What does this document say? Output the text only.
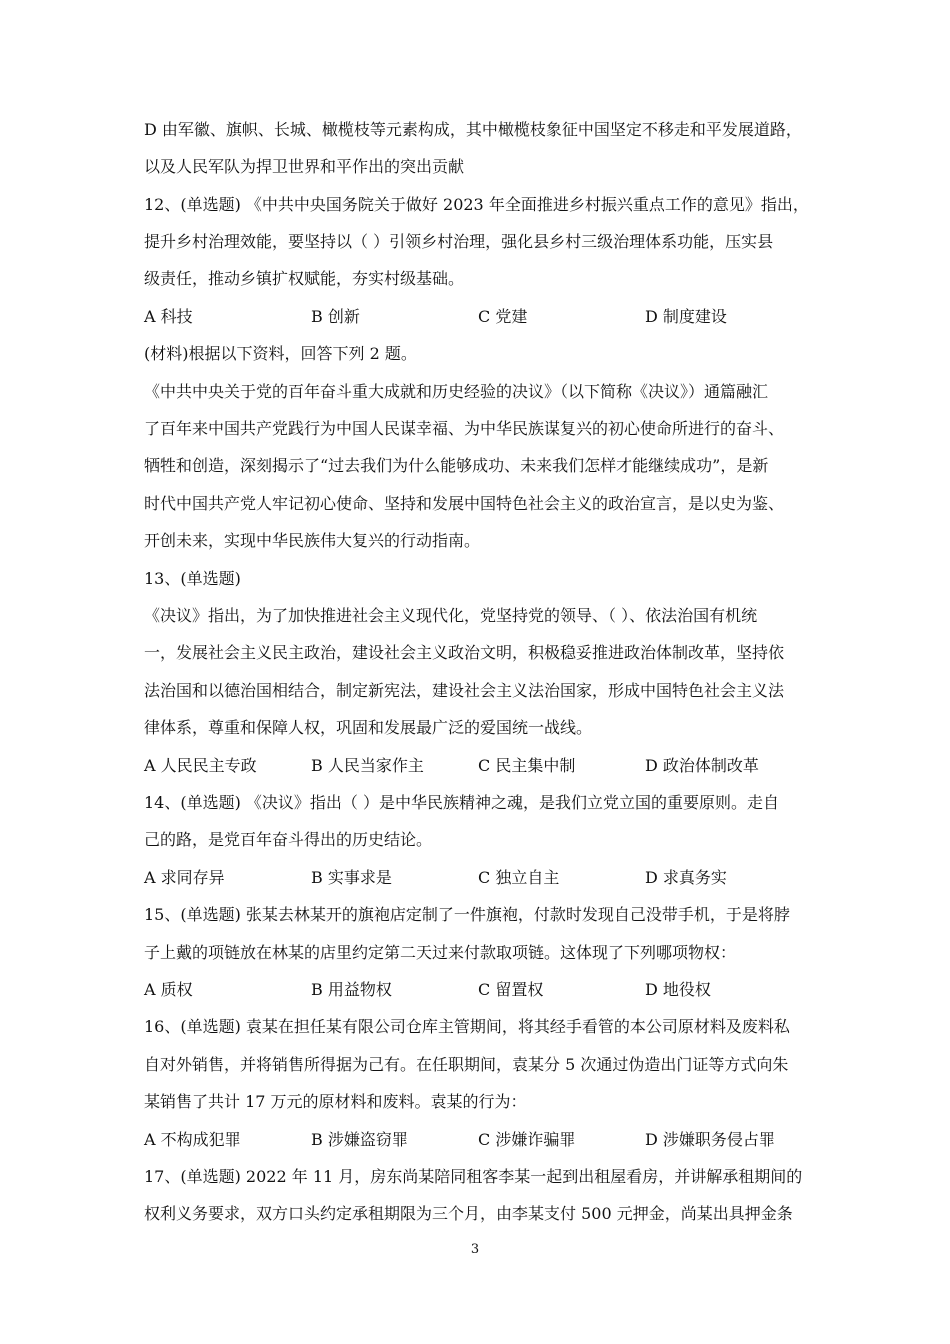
D 由军徽、旗帜、长城、橄榄枝等元素构成，其中橄榄枝象征中国坚定不移走和平发展道路，
以及人民军队为捍卫世界和平作出的突出贡献
12、(单选题) 《中共中央国务院关于做好 2023 年全面推进乡村振兴重点工作的意见》指出，
提升乡村治理效能，要坚持以（ ）引领乡村治理，强化县乡村三级治理体系功能，压实县
级责任，推动乡镇扩权赋能，夯实村级基础。
A 科技	B 创新	C 党建	D 制度建设
(材料)根据以下资料，回答下列 2 题。
《中共中央关于党的百年奋斗重大成就和历史经验的决议》（以下简称《决议》）通篇融汇
了百年来中国共产党践行为中国人民谋幸福、为中华民族谋复兴的初心使命所进行的奋斗、
牺牲和创造，深刻揭示了“过去我们为什么能够成功、未来我们怎样才能继续成功”，是新
时代中国共产党人牢记初心使命、坚持和发展中国特色社会主义的政治宣言，是以史为鉴、
开创未来，实现中华民族伟大复兴的行动指南。
13、(单选题)
《决议》指出，为了加快推进社会主义现代化，党坚持党的领导、（ ）、依法治国有机统
一，发展社会主义民主政治，建设社会主义政治文明，积极稳妥推进政治体制改革，坚持依
法治国和以德治国相结合，制定新宪法，建设社会主义法治国家，形成中国特色社会主义法
律体系，尊重和保障人权，巩固和发展最广泛的爱国统一战线。
A 人民民主专政	B 人民当家作主	C 民主集中制	D 政治体制改革
14、(单选题) 《决议》指出（ ）是中华民族精神之魂，是我们立党立国的重要原则。走自
己的路，是党百年奋斗得出的历史结论。
A 求同存异	B 实事求是	C 独立自主	D 求真务实
15、(单选题) 张某去林某开的旗袍店定制了一件旗袍，付款时发现自己没带手机，于是将脖
子上戴的项链放在林某的店里约定第二天过来付款取项链。这体现了下列哪项物权：
A 质权	B 用益物权	C 留置权	D 地役权
16、(单选题) 袁某在担任某有限公司仓库主管期间，将其经手看管的本公司原材料及废料私
自对外销售，并将销售所得据为己有。在任职期间，袁某分 5 次通过伪造出门证等方式向朱
某销售了共计 17 万元的原材料和废料。袁某的行为：
A 不构成犯罪	B 涉嫌盗窃罪	C 涉嫌诈骗罪	D 涉嫌职务侵占罪
17、(单选题) 2022 年 11 月，房东尚某陪同租客李某一起到出租屋看房，并讲解承租期间的
权利义务要求，双方口头约定承租期限为三个月，由李某支付 500 元押金，尚某出具押金条
3
